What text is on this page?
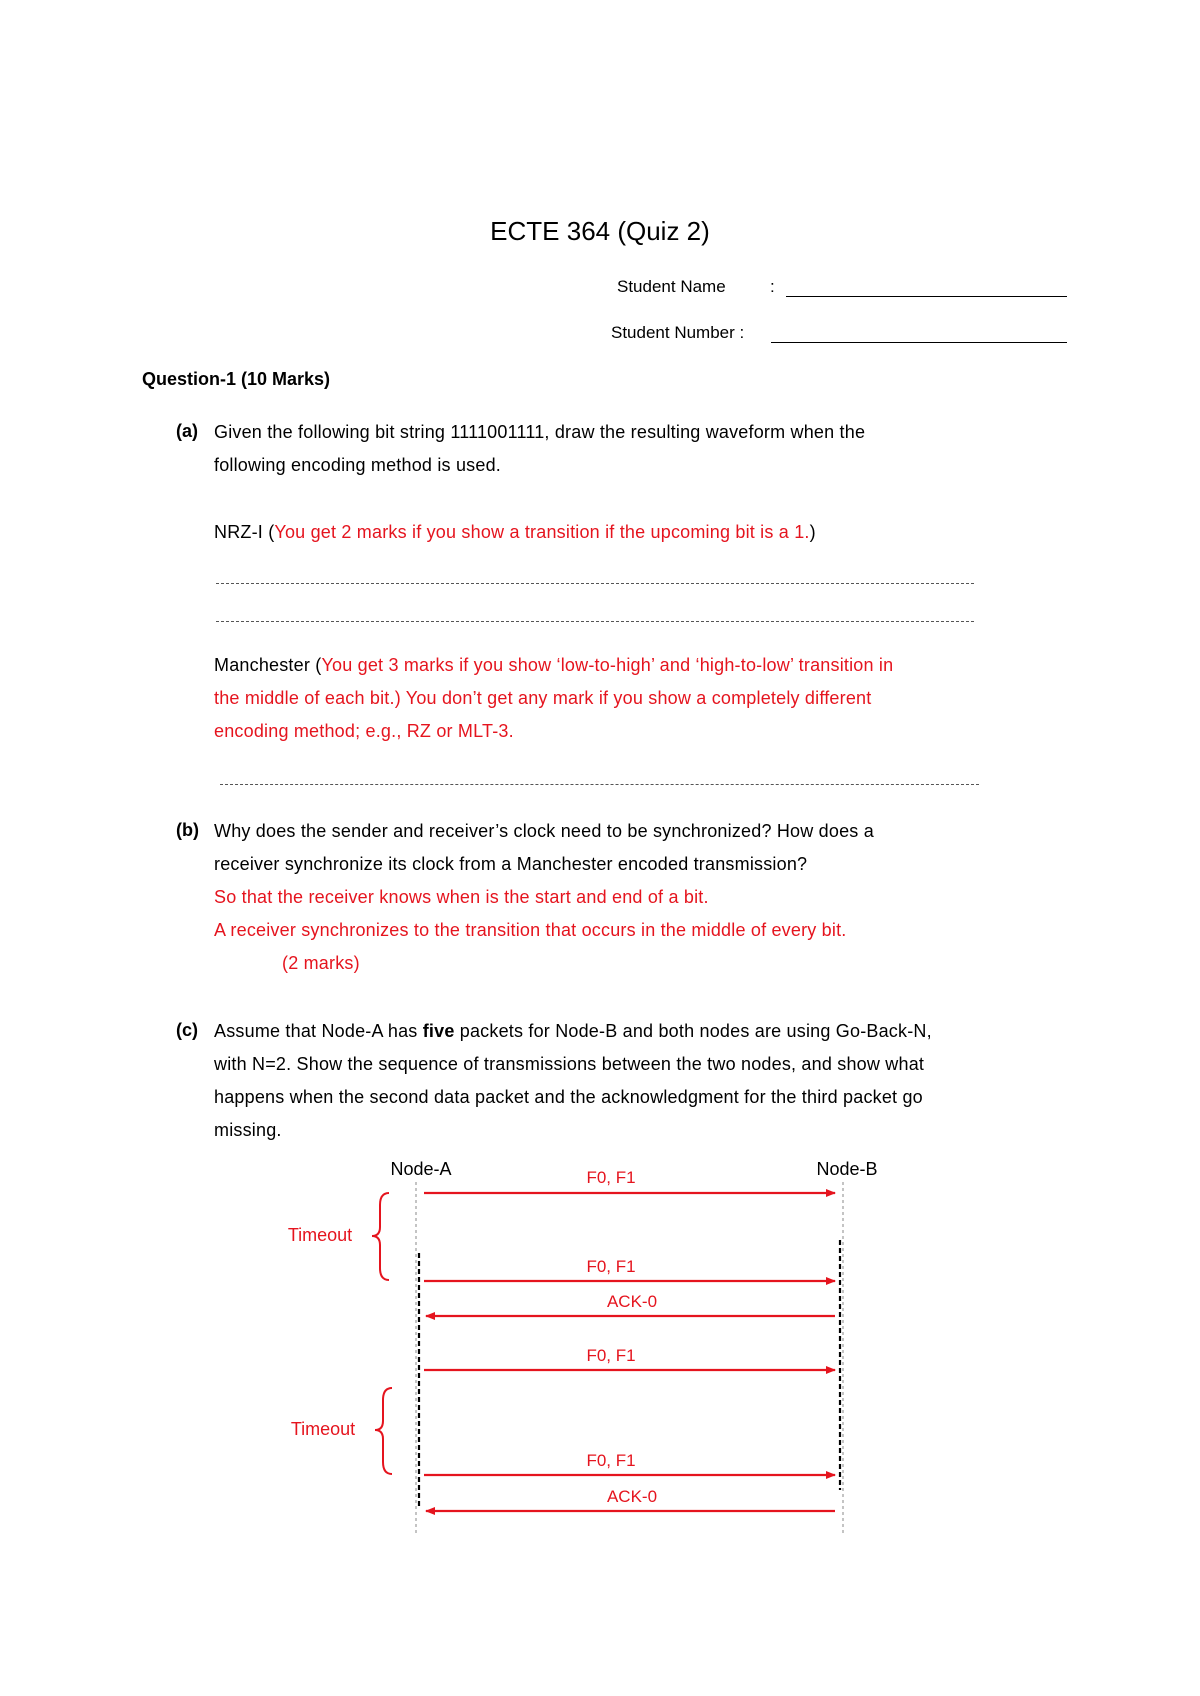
ECTE 364 (Quiz 2)
Student Name	:
Student Number :
Question-1 (10 Marks)
(a) Given the following bit string 1111001111, draw the resulting waveform when the
following encoding method is used.
NRZ-I (You get 2 marks if you show a transition if the upcoming bit is a 1.)
Manchester (You get 3 marks if you show ‘low-to-high’ and ‘high-to-low’ transition in
the middle of each bit.) You don’t get any mark if you show a completely different
encoding method; e.g., RZ or MLT-3.
(b) Why does the sender and receiver’s clock need to be synchronized? How does a
receiver synchronize its clock from a Manchester encoded transmission?
So that the receiver knows when is the start and end of a bit.
A receiver synchronizes to the transition that occurs in the middle of every bit.
(2 marks)
(c) Assume that Node-A has five packets for Node-B and both nodes are using Go-Back-N,
with N=2. Show the sequence of transmissions between the two nodes, and show what
happens when the second data packet and the acknowledgment for the third packet go
missing.
Node-A	Node-B
Timeout
Timeout
F0, F1
F0, F1
ACK-0
F0, F1
F0, F1
ACK-0
